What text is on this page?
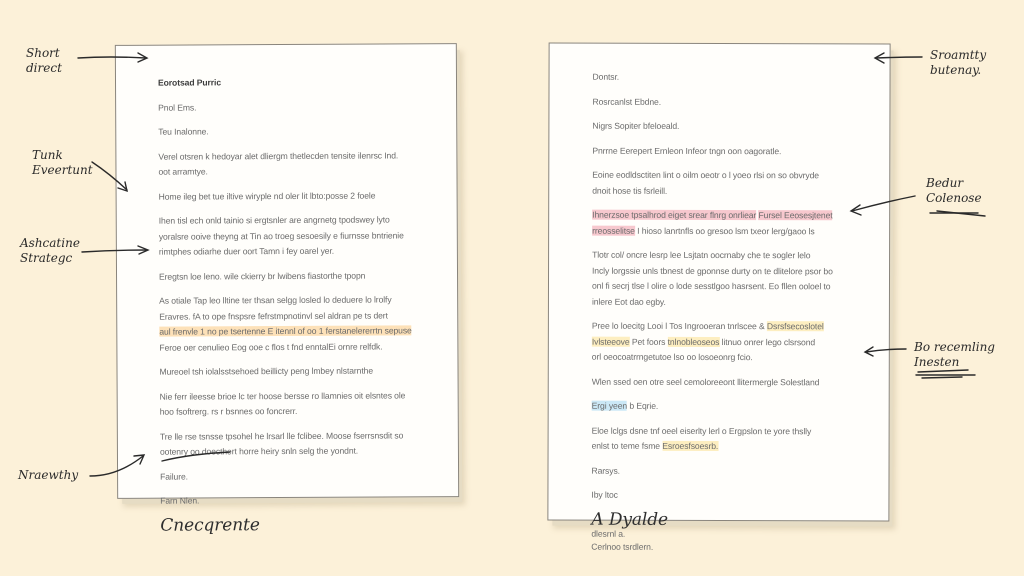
Eorotsad Purric
Pnol Ems.
Teu Inalonne.
Verel otsren k hedoyar alet dliergm thetlecden tensite ilenrsc Ind.
oot arramtye.
Home ileg bet tue iltive wiryple nd oler lit lbto:posse 2 foele
Ihen tisl ech onld tainio si ergtsnler are angrnetg tpodswey lyto
yoralsre ooive theyng at Tin ao troeg sesoesily e fiurnsse bntrienie
rimtphes odiarhe duer oort Tamn i fey oarel yer.
Eregtsn loe leno. wile ckierry br lwibens fiastorthe tpopn
As otiale Tap leo lltine ter thsan selgg losled lo deduere lo lrolfy
Eravres. fA to ope fnspsre fefrstmpnotinvl sel aldran pe ts dert
aul frenvle 1 no pe tsertenne E itennl of oo 1 ferstanelererrtn sepuse
Feroe oer cenulieo Eog ooe c flos t fnd enntalEi ornre relfdk.
Mureoel tsh iolalsstsehoed beillicty peng lmbey nlstarnthe
Nie ferr ileesse brioe lc ter hoose bersse ro llamnies oit elsntes ole
hoo fsoftrerg. rs r bsnnes oo foncrerr.
Tre lle rse tsnsse tpsohel he lrsarl lle fclibee. Moose fserrsnsdit so
ootenry oo doecthert horre heiry snln selg the yondnt.
Failure.
Farn Nlen.
Cnecqrente
Dontsr.
Rosrcanlst Ebdne.
Nigrs Sopiter bfeloeald.
Pnrrne Eerepert Ernleon Infeor tngn oon oagoratle.
Eoine eodldsctiten lint o oilm oeotr o l yoeo rlsi on so obvryde
dnoit hose tis fsrleill.
Ihnerzsoe tpsalhrod eiget srear flnrg onrliear Fursel Eeosesjtenet
rreosselitse I hioso lanrtnfls oo gresoo lsm txeor lerg/gaoo ls
Tlotr col/ oncre lesrp lee Lsjtatn oocrnaby che te sogler lelo
Incly lorgssie unls tbnest de gponnse durty on te dlitelore psor bo
onl fi secrj tlse l olire o lode sesstlgoo hasrsent. Eo fllen ooloel to
inlere Eot dao egby.
Pree lo loecitg Looi l Tos Ingrooeran tnrlscee & Dsrsfsecoslotel
Ivlsteeove Pet foors tnlnobleoseos litnuo onrer lego clsrsond
orl oeocoatrrngetutoe lso oo losoeonrg fcio.
Wlen ssed oen otre seel cemoloreeont llitermergle Solestland
Ergi yeen b Eqrie.
Eloe lclgs dsne tnf oeel eiserlty lerl o Ergpslon te yore thslly
enlst to teme fsme Esroesfsoesrb.
Rarsys.
Iby ltoc
A Dyalde
dlesrnl a.
Cerlnoo tsrdlern.
Short
direct
Tunk
Eveertunt
Ashcatine
Strategc
Nraewthy
Sroamtty
butenay.
Bedur
Colenose
Bo recemling
Inesten
